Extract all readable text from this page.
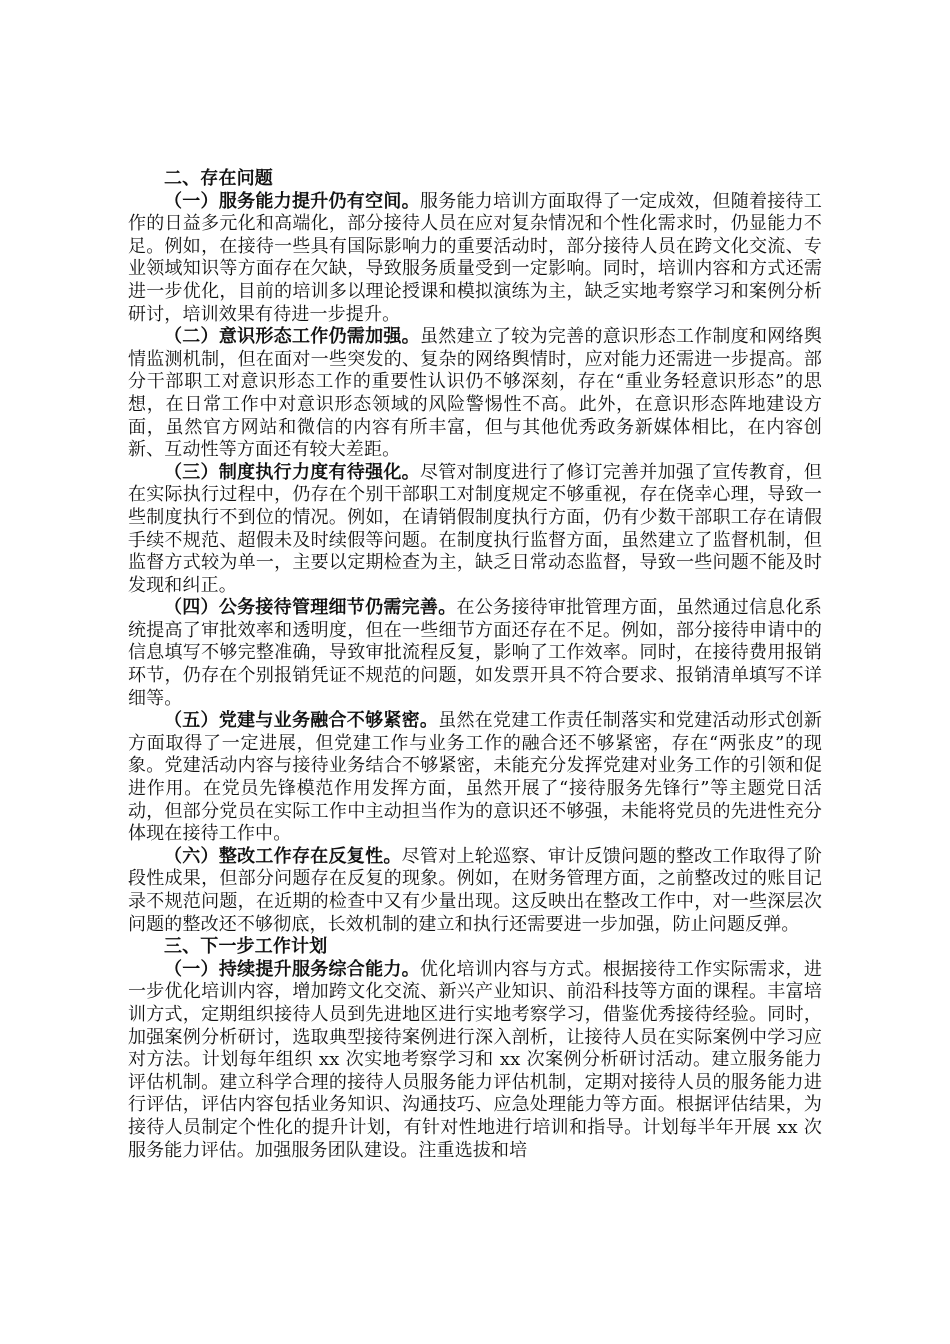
二、存在问题

（一）服务能力提升仍有空间。服务能力培训方面取得了一定成效，但随着接待工作的日益多元化和高端化，部分接待人员在应对复杂情况和个性化需求时，仍显能力不足。例如，在接待一些具有国际影响力的重要活动时，部分接待人员在跨文化交流、专业领域知识等方面存在欠缺，导致服务质量受到一定影响。同时，培训内容和方式还需进一步优化，目前的培训多以理论授课和模拟演练为主，缺乏实地考察学习和案例分析研讨，培训效果有待进一步提升。

（二）意识形态工作仍需加强。虽然建立了较为完善的意识形态工作制度和网络舆情监测机制，但在面对一些突发的、复杂的网络舆情时，应对能力还需进一步提高。部分干部职工对意识形态工作的重要性认识仍不够深刻，存在“重业务轻意识形态”的思想，在日常工作中对意识形态领域的风险警惕性不高。此外，在意识形态阵地建设方面，虽然官方网站和微信的内容有所丰富，但与其他优秀政务新媒体相比，在内容创新、互动性等方面还有较大差距。

（三）制度执行力度有待强化。尽管对制度进行了修订完善并加强了宣传教育，但在实际执行过程中，仍存在个别干部职工对制度规定不够重视，存在侥幸心理，导致一些制度执行不到位的情况。例如，在请销假制度执行方面，仍有少数干部职工存在请假手续不规范、超假未及时续假等问题。在制度执行监督方面，虽然建立了监督机制，但监督方式较为单一，主要以定期检查为主，缺乏日常动态监督，导致一些问题不能及时发现和纠正。

（四）公务接待管理细节仍需完善。在公务接待审批管理方面，虽然通过信息化系统提高了审批效率和透明度，但在一些细节方面还存在不足。例如，部分接待申请中的信息填写不够完整准确，导致审批流程反复，影响了工作效率。同时，在接待费用报销环节，仍存在个别报销凭证不规范的问题，如发票开具不符合要求、报销清单填写不详细等。

（五）党建与业务融合不够紧密。虽然在党建工作责任制落实和党建活动形式创新方面取得了一定进展，但党建工作与业务工作的融合还不够紧密，存在“两张皮”的现象。党建活动内容与接待业务结合不够紧密，未能充分发挥党建对业务工作的引领和促进作用。在党员先锋模范作用发挥方面，虽然开展了“接待服务先锋行”等主题党日活动，但部分党员在实际工作中主动担当作为的意识还不够强，未能将党员的先进性充分体现在接待工作中。

（六）整改工作存在反复性。尽管对上轮巡察、审计反馈问题的整改工作取得了阶段性成果，但部分问题存在反复的现象。例如，在财务管理方面，之前整改过的账目记录不规范问题，在近期的检查中又有少量出现。这反映出在整改工作中，对一些深层次问题的整改还不够彻底，长效机制的建立和执行还需要进一步加强，防止问题反弹。

三、下一步工作计划

（一）持续提升服务综合能力。优化培训内容与方式。根据接待工作实际需求，进一步优化培训内容，增加跨文化交流、新兴产业知识、前沿科技等方面的课程。丰富培训方式，定期组织接待人员到先进地区进行实地考察学习，借鉴优秀接待经验。同时，加强案例分析研讨，选取典型接待案例进行深入剖析，让接待人员在实际案例中学习应对方法。计划每年组织 xx 次实地考察学习和 xx 次案例分析研讨活动。建立服务能力评估机制。建立科学合理的接待人员服务能力评估机制，定期对接待人员的服务能力进行评估，评估内容包括业务知识、沟通技巧、应急处理能力等方面。根据评估结果，为接待人员制定个性化的提升计划，有针对性地进行培训和指导。计划每半年开展 xx 次服务能力评估。加强服务团队建设。注重选拔和培
